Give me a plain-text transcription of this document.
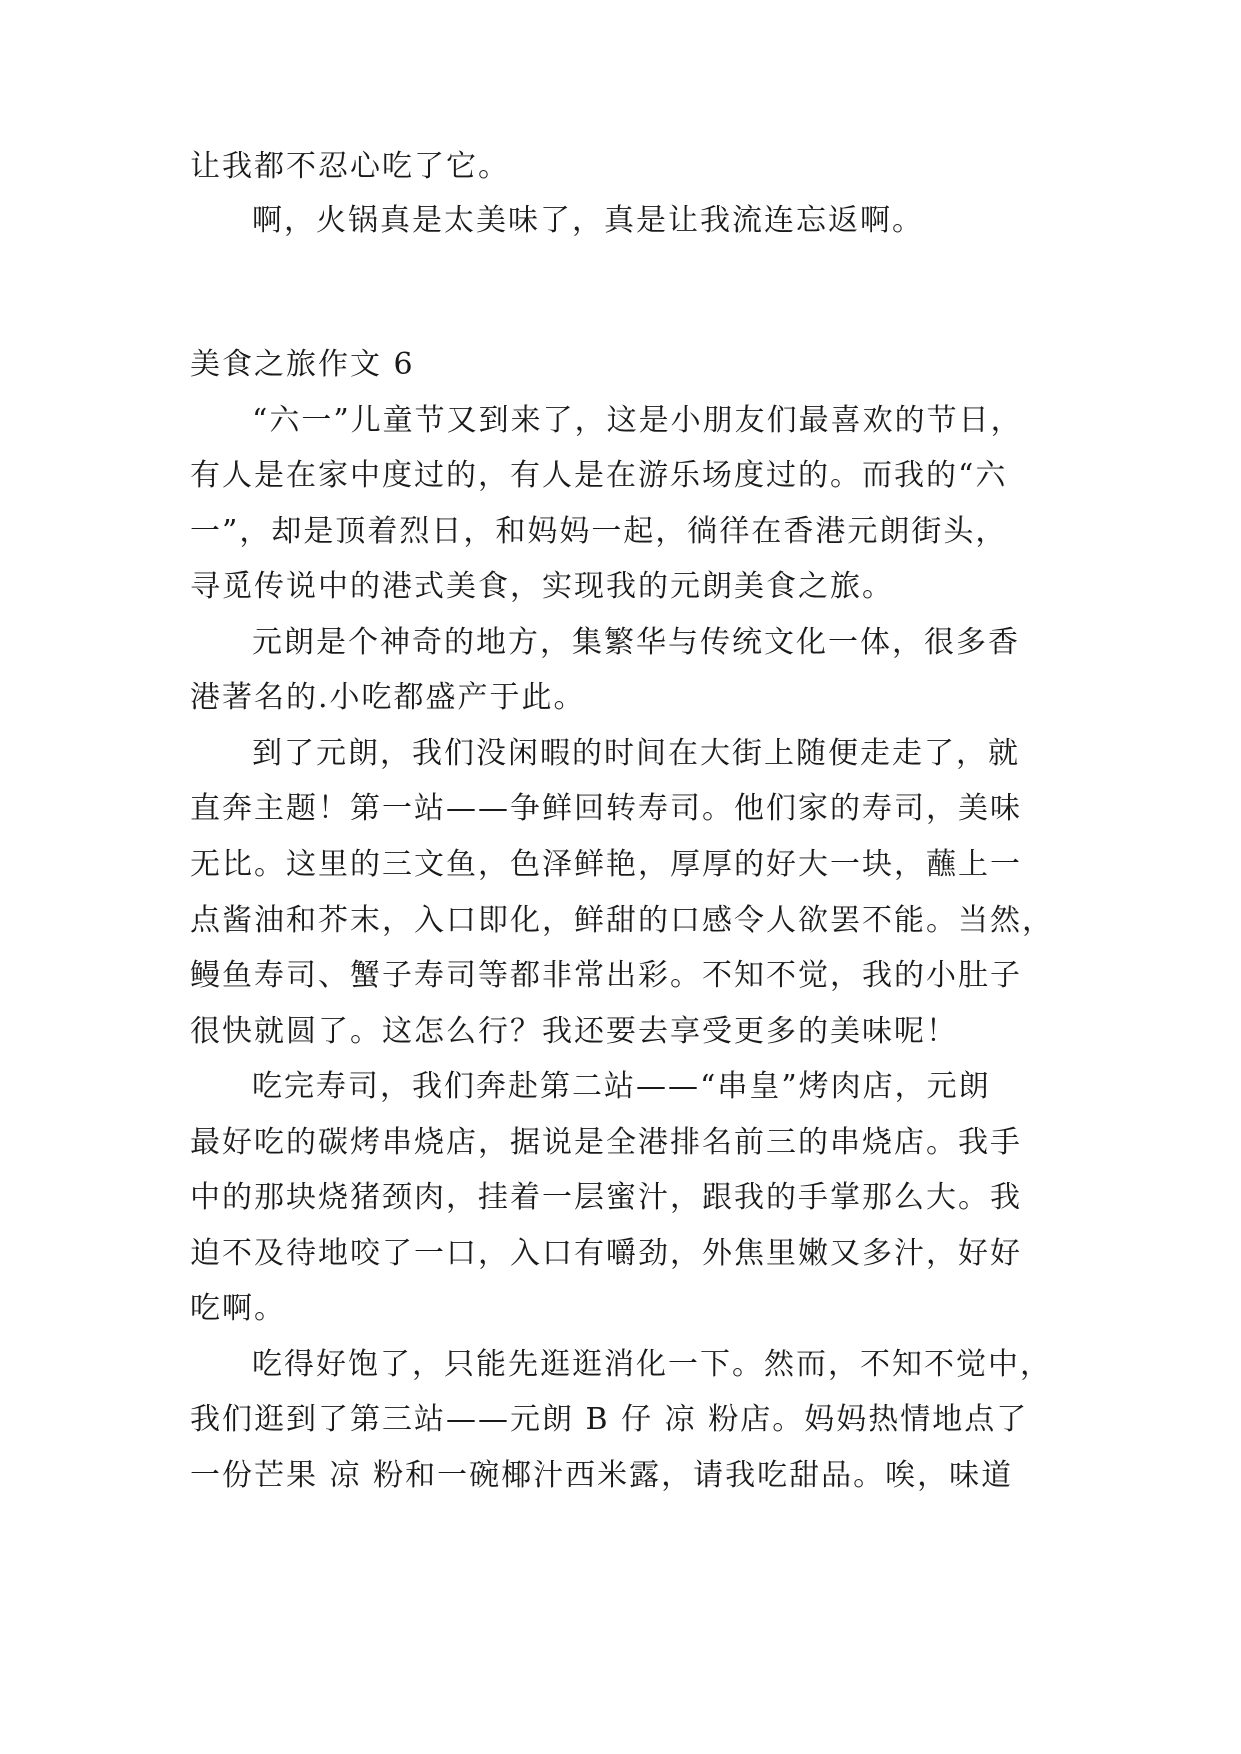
让我都不忍心吃了它。
啊，火锅真是太美味了，真是让我流连忘返啊。
美食之旅作文 6
“六一”儿童节又到来了，这是小朋友们最喜欢的节日，
有人是在家中度过的，有人是在游乐场度过的。而我的“六
一”，却是顶着烈日，和妈妈一起，徜徉在香港元朗街头，
寻觅传说中的港式美食，实现我的元朗美食之旅。
元朗是个神奇的地方，集繁华与传统文化一体，很多香
港著名的.小吃都盛产于此。
到了元朗，我们没闲暇的时间在大街上随便走走了，就
直奔主题！第一站——争鲜回转寿司。他们家的寿司，美味
无比。这里的三文鱼，色泽鲜艳，厚厚的好大一块，蘸上一
点酱油和芥末，入口即化，鲜甜的口感令人欲罢不能。当然，
鳗鱼寿司、蟹子寿司等都非常出彩。不知不觉，我的小肚子
很快就圆了。这怎么行？我还要去享受更多的美味呢！
吃完寿司，我们奔赴第二站——“串皇”烤肉店，元朗
最好吃的碳烤串烧店，据说是全港排名前三的串烧店。我手
中的那块烧猪颈肉，挂着一层蜜汁，跟我的手掌那么大。我
迫不及待地咬了一口，入口有嚼劲，外焦里嫩又多汁，好好
吃啊。
吃得好饱了，只能先逛逛消化一下。然而，不知不觉中，
我们逛到了第三站——元朗 B 仔 凉 粉店。妈妈热情地点了
一份芒果 凉 粉和一碗椰汁西米露，请我吃甜品。唉，味道
